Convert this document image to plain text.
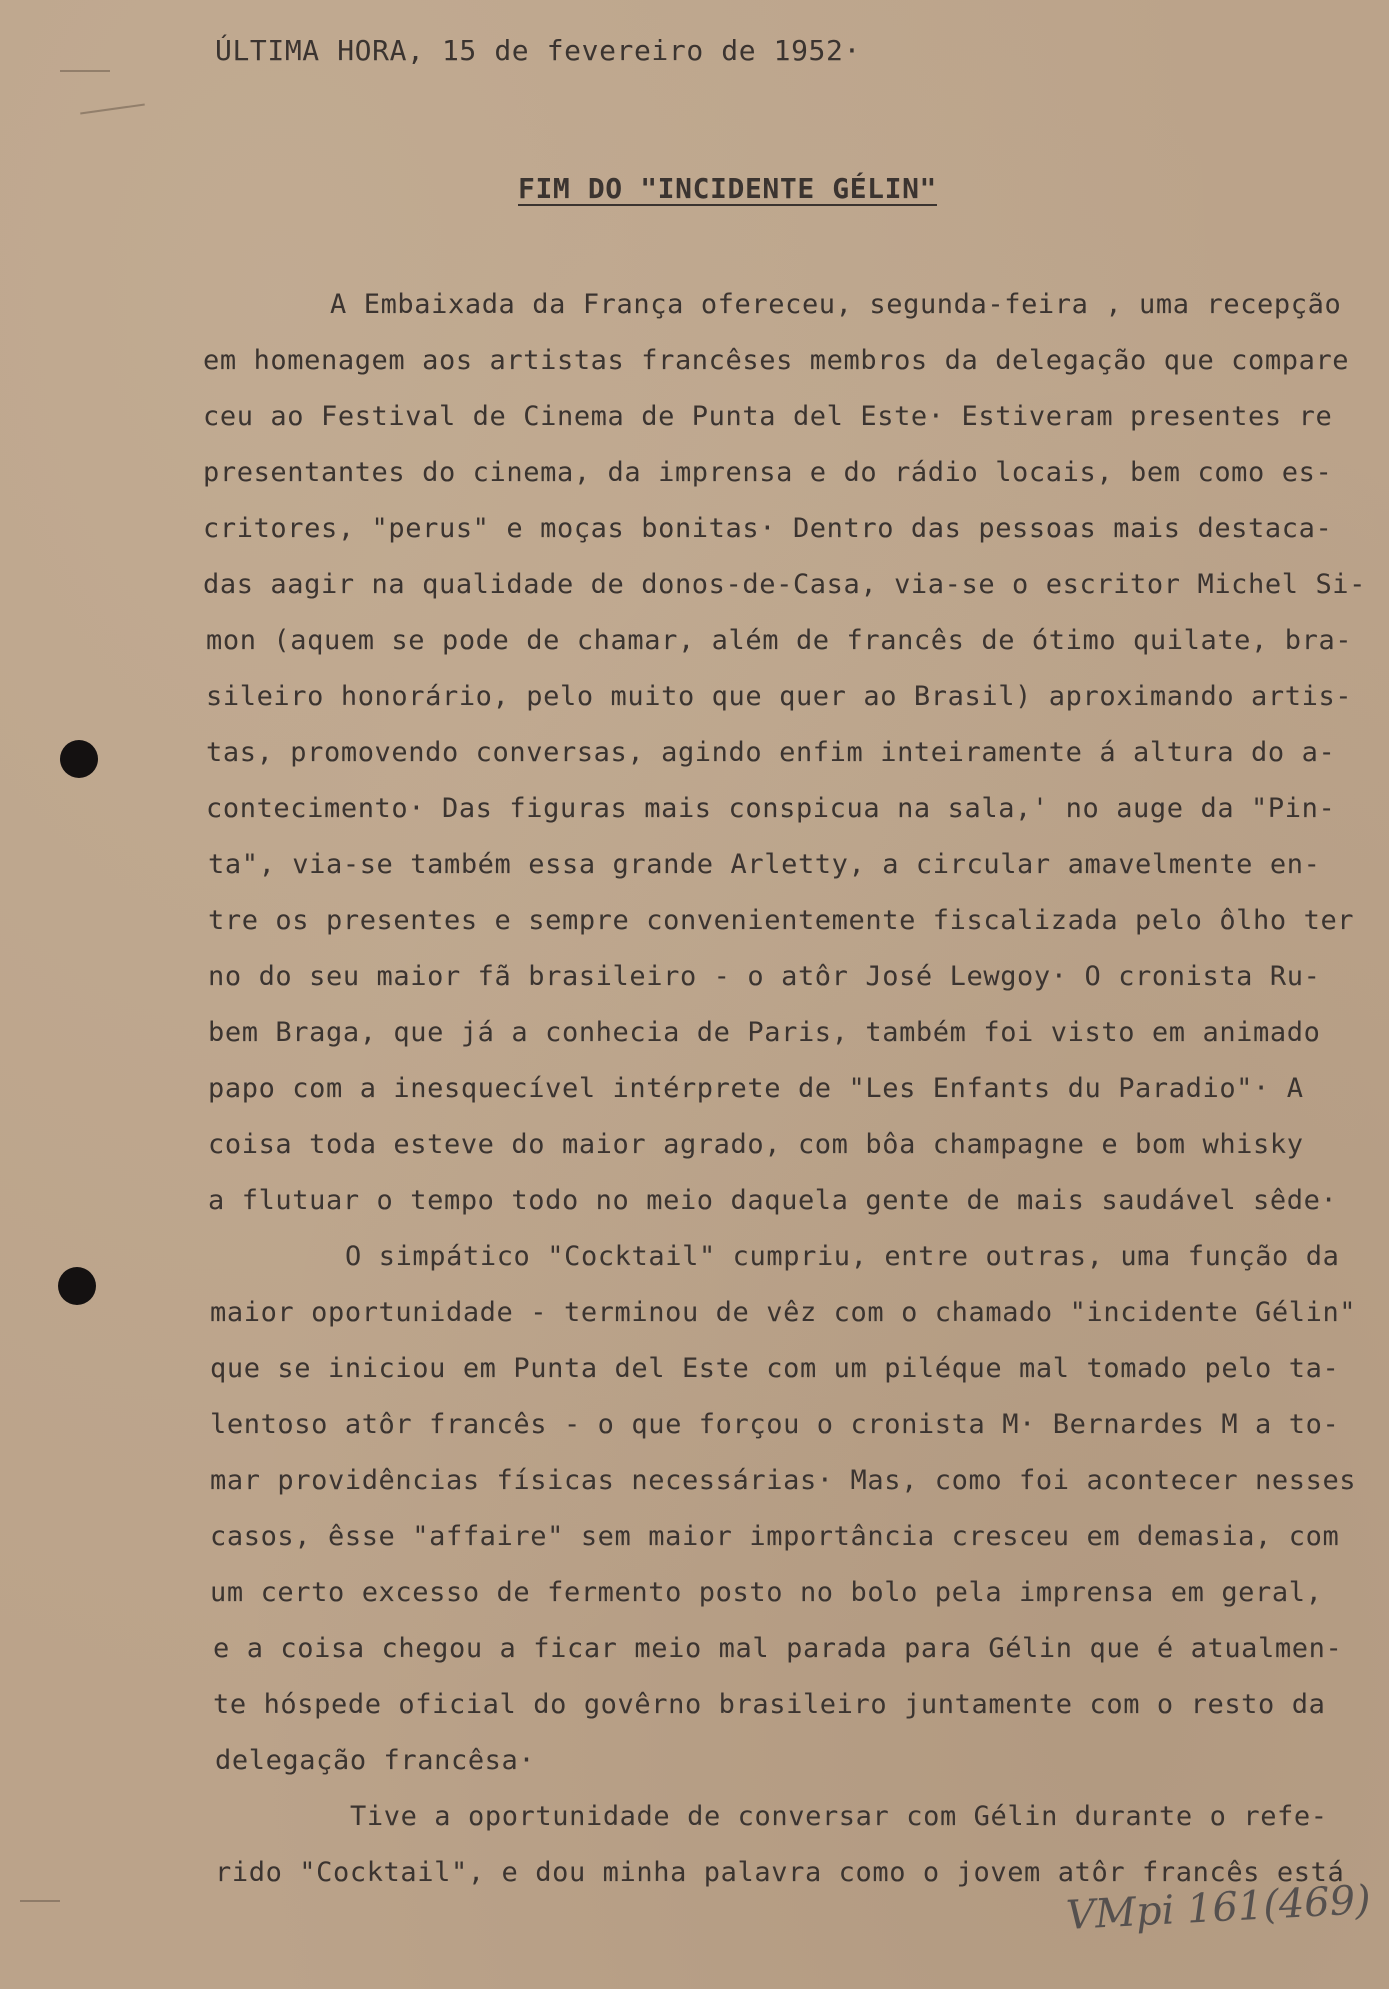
ÚLTIMA HORA, 15 de fevereiro de 1952·
FIM DO "INCIDENTE GÉLIN"
A Embaixada da França ofereceu, segunda-feira , uma recepção
em homenagem aos artistas francêses membros da delegação que compare
ceu ao Festival de Cinema de Punta del Este· Estiveram presentes re
presentantes do cinema, da imprensa e do rádio locais, bem como es-
critores, "perus" e moças bonitas· Dentro das pessoas mais destaca-
das aagir na qualidade de donos-de-Casa, via-se o escritor Michel Si-
mon (aquem se pode de chamar, além de francês de ótimo quilate, bra-
sileiro honorário, pelo muito que quer ao Brasil) aproximando artis-
tas, promovendo conversas, agindo enfim inteiramente á altura do a-
contecimento· Das figuras mais conspicua na sala,' no auge da "Pin-
ta", via-se também essa grande Arletty, a circular amavelmente en-
tre os presentes e sempre convenientemente fiscalizada pelo ôlho ter
no do seu maior fã brasileiro - o atôr José Lewgoy· O cronista Ru-
bem Braga, que já a conhecia de Paris, também foi visto em animado
papo com a inesquecível intérprete de "Les Enfants du Paradio"· A
coisa toda esteve do maior agrado, com bôa champagne e bom whisky
a flutuar o tempo todo no meio daquela gente de mais saudável sêde·
O simpático "Cocktail" cumpriu, entre outras, uma função da
maior oportunidade - terminou de vêz com o chamado "incidente Gélin"
que se iniciou em Punta del Este com um piléque mal tomado pelo ta-
lentoso atôr francês - o que forçou o cronista M· Bernardes M a to-
mar providências físicas necessárias· Mas, como foi acontecer nesses
casos, êsse "affaire" sem maior importância cresceu em demasia, com
um certo excesso de fermento posto no bolo pela imprensa em geral,
e a coisa chegou a ficar meio mal parada para Gélin que é atualmen-
te hóspede oficial do govêrno brasileiro juntamente com o resto da
delegação francêsa·
Tive a oportunidade de conversar com Gélin durante o refe-
rido "Cocktail", e dou minha palavra como o jovem atôr francês está
VMpi 161(469)
